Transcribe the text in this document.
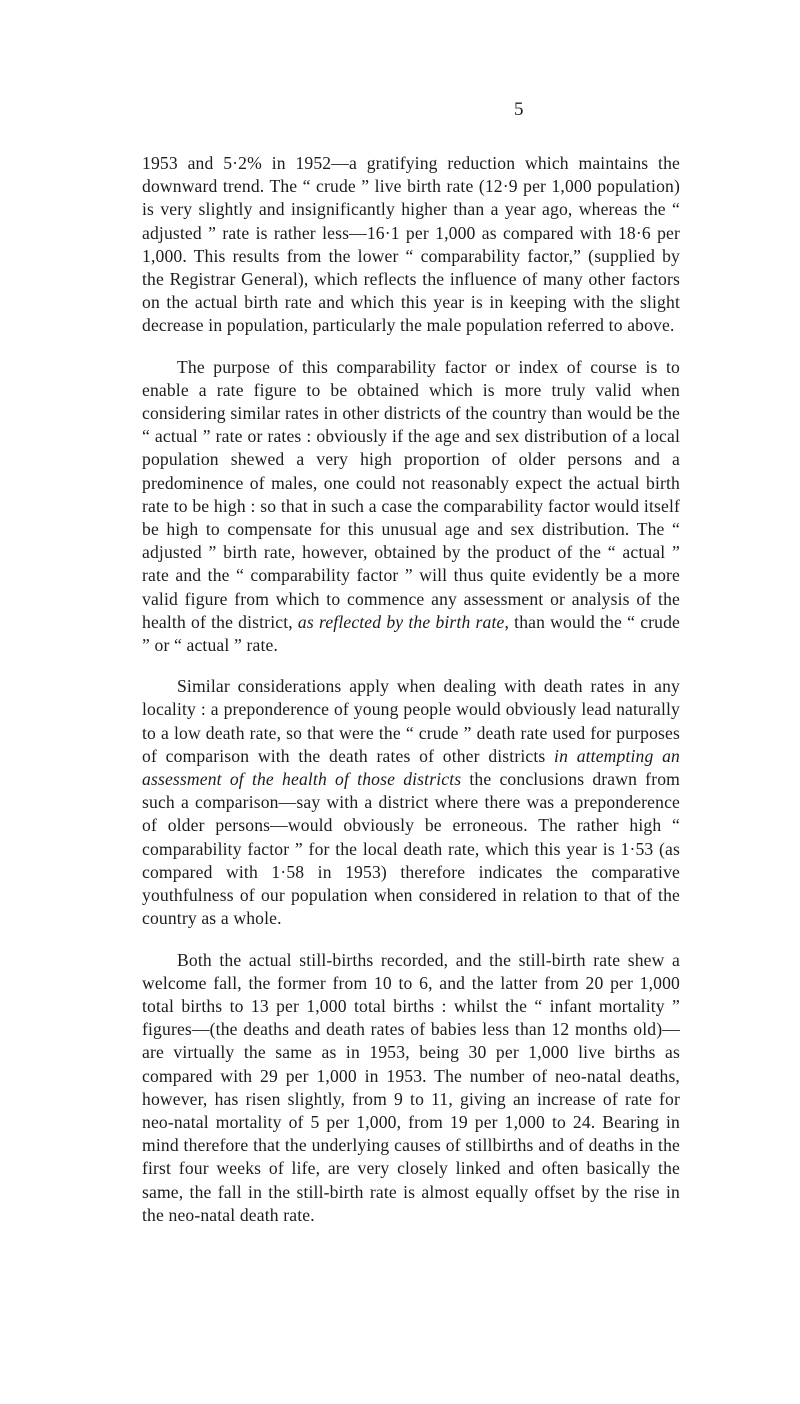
5

1953 and 5·2% in 1952—a gratifying reduction which maintains the downward trend. The “ crude ” live birth rate (12·9 per 1,000 population) is very slightly and insignificantly higher than a year ago, whereas the “ adjusted ” rate is rather less—16·1 per 1,000 as compared with 18·6 per 1,000. This results from the lower “ comparability factor,” (supplied by the Registrar General), which reflects the influence of many other factors on the actual birth rate and which this year is in keeping with the slight decrease in population, particularly the male population referred to above.

The purpose of this comparability factor or index of course is to enable a rate figure to be obtained which is more truly valid when considering similar rates in other districts of the country than would be the “ actual ” rate or rates : obviously if the age and sex distribution of a local population shewed a very high proportion of older persons and a predominence of males, one could not reasonably expect the actual birth rate to be high : so that in such a case the comparability factor would itself be high to compensate for this unusual age and sex distribution. The “ adjusted ” birth rate, however, obtained by the product of the “ actual ” rate and the “ comparability factor ” will thus quite evidently be a more valid figure from which to commence any assessment or analysis of the health of the district, as reflected by the birth rate, than would the “ crude ” or “ actual ” rate.

Similar considerations apply when dealing with death rates in any locality : a preponderence of young people would obviously lead naturally to a low death rate, so that were the “ crude ” death rate used for purposes of comparison with the death rates of other districts in attempting an assessment of the health of those districts the conclusions drawn from such a comparison—say with a district where there was a preponderence of older persons—would obviously be erroneous. The rather high “ comparability factor ” for the local death rate, which this year is 1·53 (as compared with 1·58 in 1953) therefore indicates the comparative youthfulness of our population when considered in relation to that of the country as a whole.

Both the actual still-births recorded, and the still-birth rate shew a welcome fall, the former from 10 to 6, and the latter from 20 per 1,000 total births to 13 per 1,000 total births : whilst the “ infant mortality ” figures—(the deaths and death rates of babies less than 12 months old)—are virtually the same as in 1953, being 30 per 1,000 live births as compared with 29 per 1,000 in 1953. The number of neo-natal deaths, however, has risen slightly, from 9 to 11, giving an increase of rate for neo-natal mortality of 5 per 1,000, from 19 per 1,000 to 24. Bearing in mind therefore that the underlying causes of stillbirths and of deaths in the first four weeks of life, are very closely linked and often basically the same, the fall in the still-birth rate is almost equally offset by the rise in the neo-natal death rate.
